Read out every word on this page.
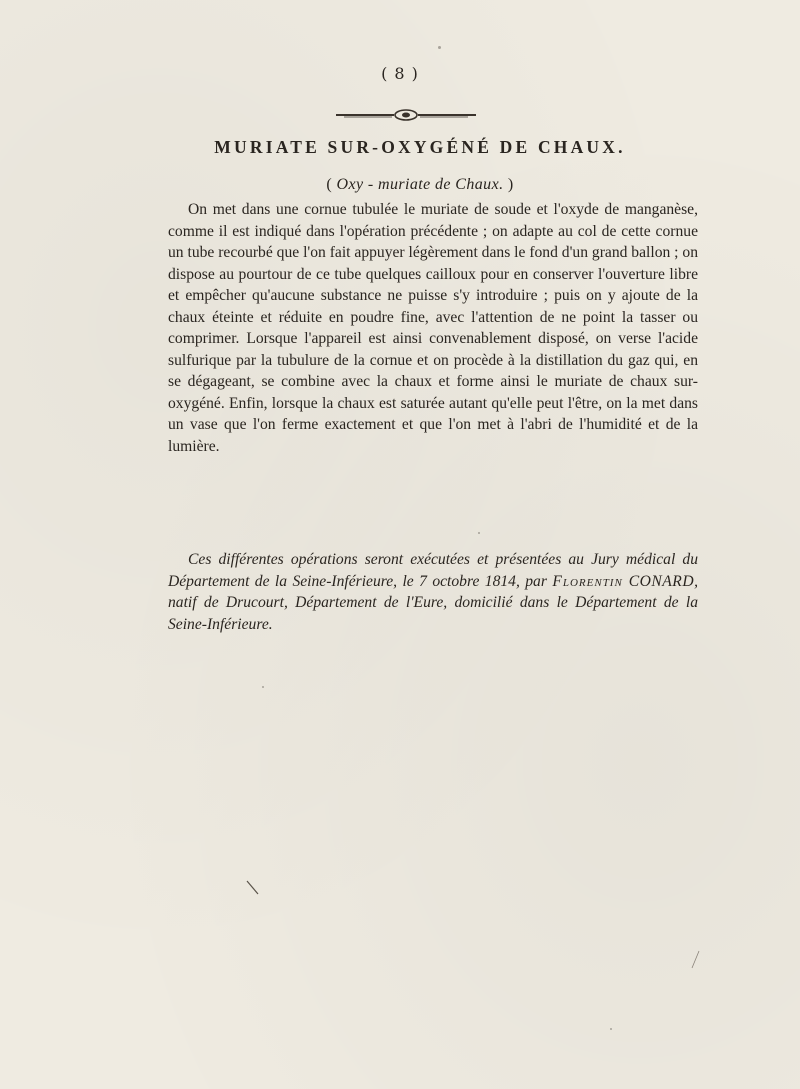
( 8 )
MURIATE SUR-OXYGÉNÉ DE CHAUX.
( Oxy - muriate de Chaux. )

On met dans une cornue tubulée le muriate de soude et l'oxyde de manganèse, comme il est indiqué dans l'opération précédente ; on adapte au col de cette cornue un tube recourbé que l'on fait appuyer légèrement dans le fond d'un grand ballon ; on dispose au pourtour de ce tube quelques cailloux pour en conserver l'ouverture libre et empêcher qu'aucune substance ne puisse s'y introduire ; puis on y ajoute de la chaux éteinte et réduite en poudre fine, avec l'attention de ne point la tasser ou comprimer. Lorsque l'appareil est ainsi convenablement disposé, on verse l'acide sulfurique par la tubulure de la cornue et on procède à la distillation du gaz qui, en se dégageant, se combine avec la chaux et forme ainsi le muriate de chaux sur-oxygéné. Enfin, lorsque la chaux est saturée autant qu'elle peut l'être, on la met dans un vase que l'on ferme exactement et que l'on met à l'abri de l'humidité et de la lumière.

Ces différentes opérations seront exécutées et présentées au Jury médical du Département de la Seine-Inférieure, le 7 octobre 1814, par Florentin CONARD, natif de Drucourt, Département de l'Eure, domicilié dans le Département de la Seine-Inférieure.
